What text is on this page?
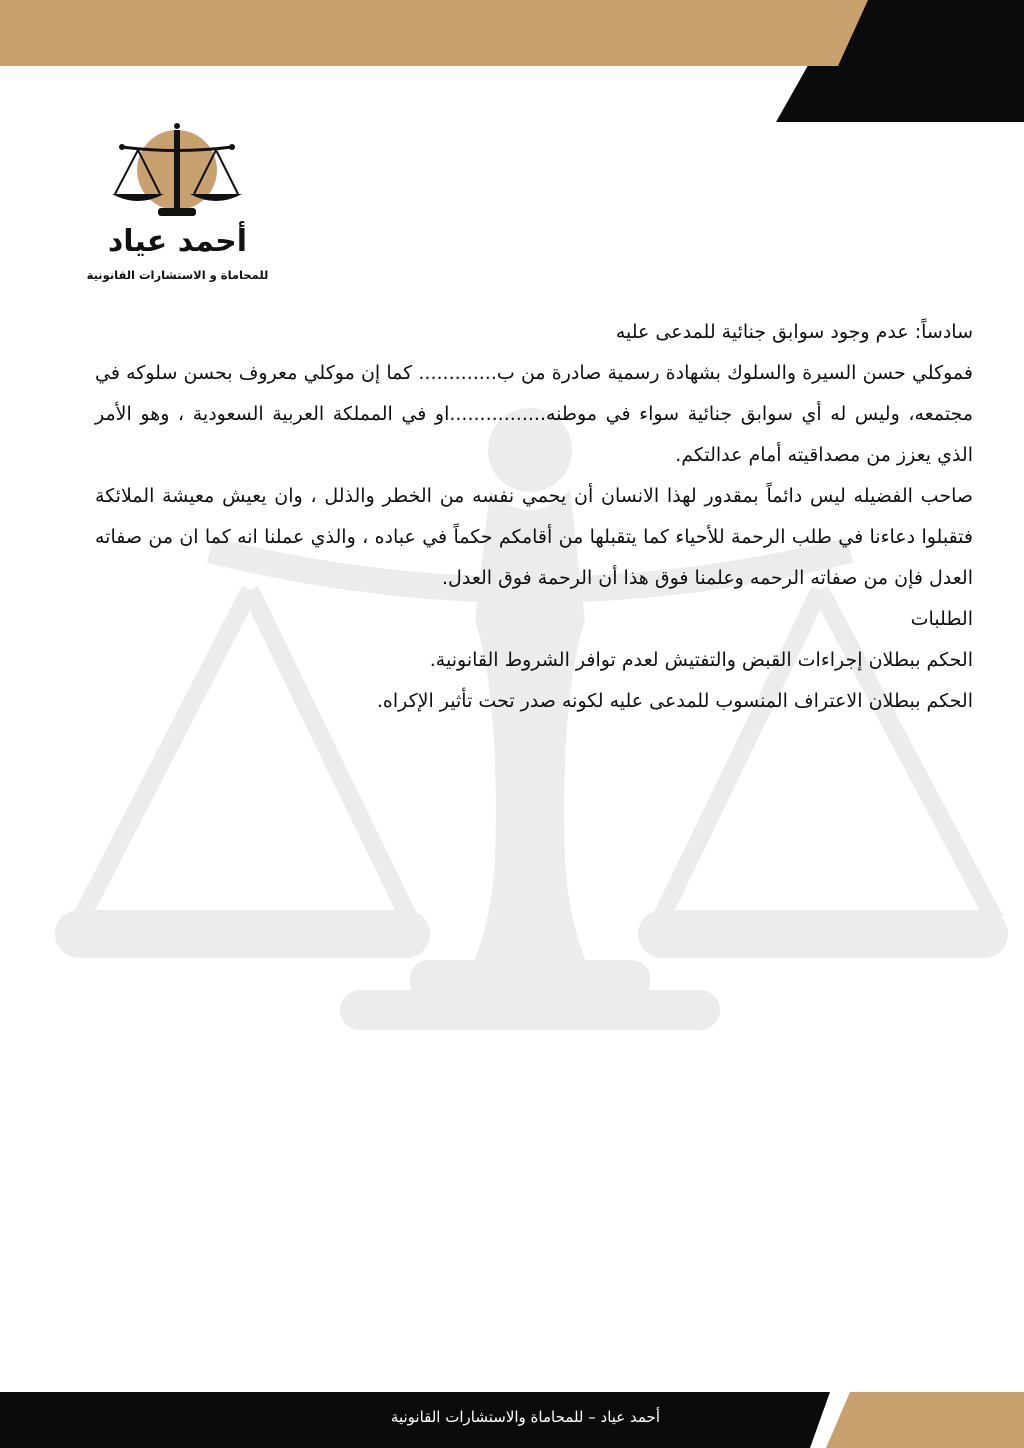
أحمد عياد
للمحاماة و الاستشارات القانونية

سادساً: عدم وجود سوابق جنائية للمدعى عليه

فموكلي حسن السيرة والسلوك بشهادة رسمية صادرة من ب............. كما إن موكلي معروف بحسن سلوكه في مجتمعه، وليس له أي سوابق جنائية سواء في موطنه................او في المملكة العربية السعودية ، وهو الأمر الذي يعزز من مصداقيته أمام عدالتكم.

صاحب الفضيله ليس دائماً بمقدور لهذا الانسان أن يحمي نفسه من الخطر والذلل ، وان يعيش معيشة الملائكة فتقبلوا دعاءنا في طلب الرحمة للأحياء كما يتقبلها من أقامكم حكماً في عباده ، والذي عملنا انه كما ان من صفاته العدل فإن من صفاته الرحمه وعلمنا فوق هذا أن الرحمة فوق العدل.

الطلبات

الحكم ببطلان إجراءات القبض والتفتيش لعدم توافر الشروط القانونية.

الحكم ببطلان الاعتراف المنسوب للمدعى عليه لكونه صدر تحت تأثير الإكراه.

أحمد عياد – للمحاماة والاستشارات القانونية
